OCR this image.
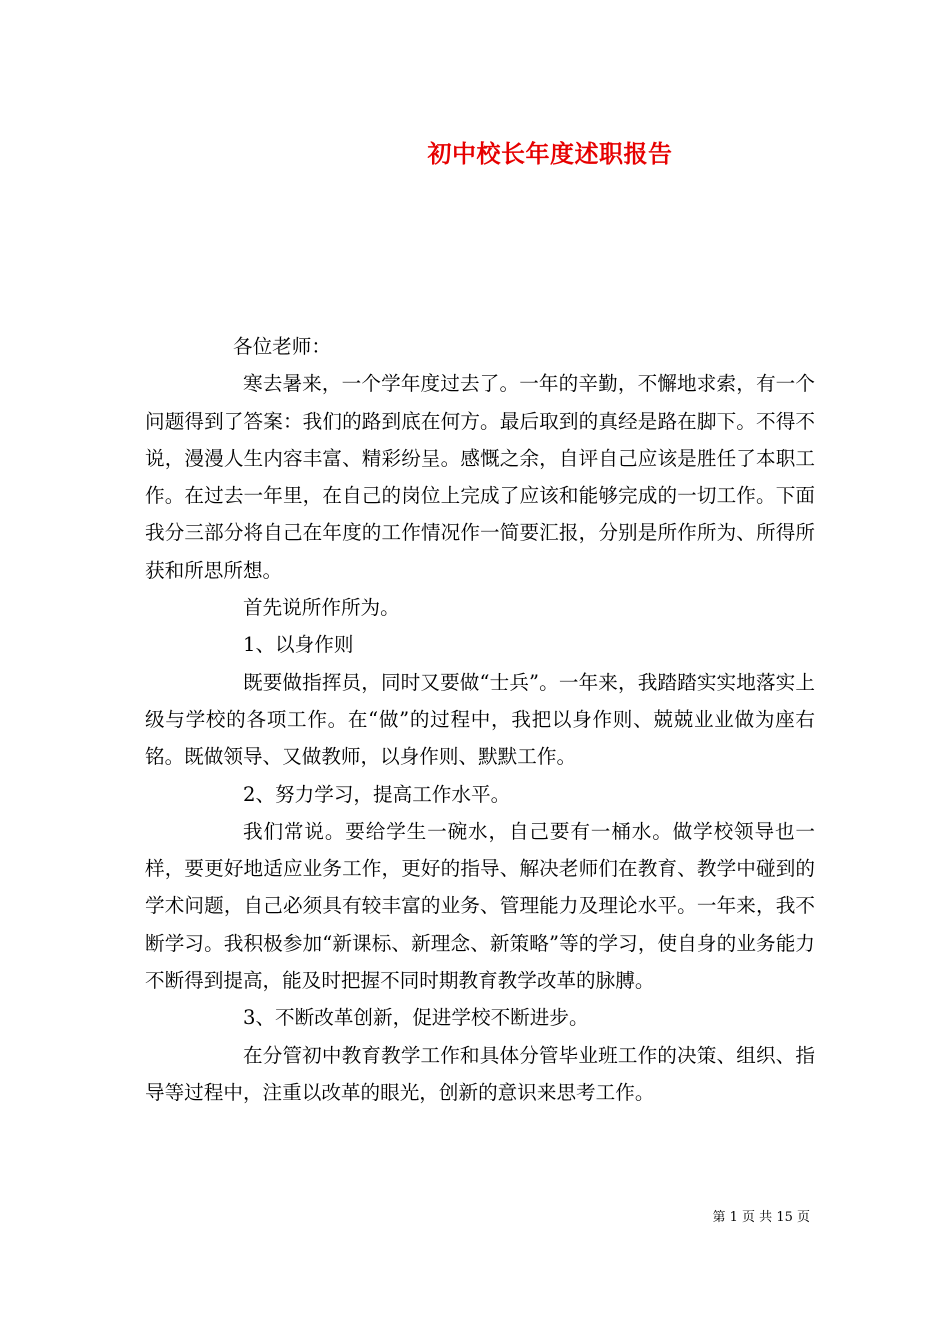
初中校长年度述职报告

各位老师：

寒去暑来，一个学年度过去了。一年的辛勤，不懈地求索，有一个问题得到了答案：我们的路到底在何方。最后取到的真经是路在脚下。不得不说，漫漫人生内容丰富、精彩纷呈。感慨之余，自评自己应该是胜任了本职工作。在过去一年里，在自己的岗位上完成了应该和能够完成的一切工作。下面我分三部分将自己在年度的工作情况作一简要汇报，分别是所作所为、所得所获和所思所想。

首先说所作所为。

1、以身作则

既要做指挥员，同时又要做“士兵”。一年来，我踏踏实实地落实上级与学校的各项工作。在“做”的过程中，我把以身作则、兢兢业业做为座右铭。既做领导、又做教师，以身作则、默默工作。

2、努力学习，提高工作水平。

我们常说。要给学生一碗水，自己要有一桶水。做学校领导也一样，要更好地适应业务工作，更好的指导、解决老师们在教育、教学中碰到的学术问题，自己必须具有较丰富的业务、管理能力及理论水平。一年来，我不断学习。我积极参加“新课标、新理念、新策略”等的学习，使自身的业务能力不断得到提高，能及时把握不同时期教育教学改革的脉膊。

3、不断改革创新，促进学校不断进步。

在分管初中教育教学工作和具体分管毕业班工作的决策、组织、指导等过程中，注重以改革的眼光，创新的意识来思考工作。

第 1 页 共 15 页
